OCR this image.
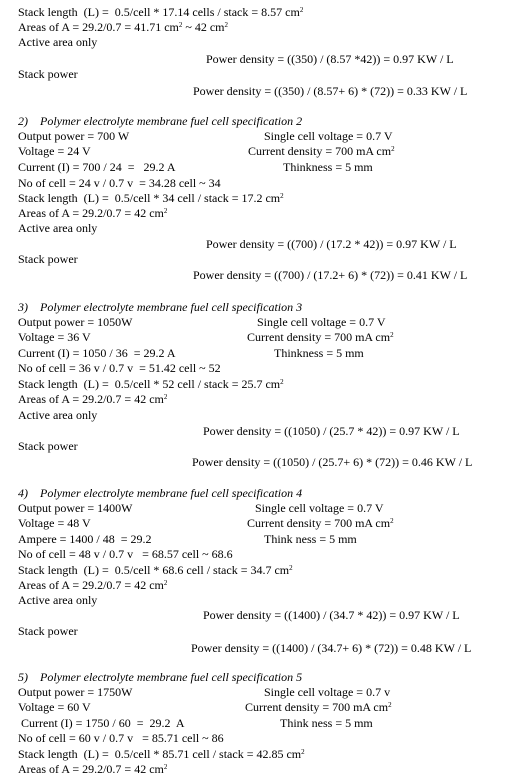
Stack length  (L) =  0.5/cell * 17.14 cells / stack = 8.57 $cm^2$
Areas of A = 29.2/0.7 = 41.71 $cm^2$ ~ 42 $cm^2$
Active area only
Power density = ((350) / (8.57 *42)) = 0.97 KW / L
Stack power
Power density = ((350) / (8.57+ 6) * (72)) = 0.33 KW / L
2)    Polymer electrolyte membrane fuel cell specification 2
Output power = 700 W	Single cell voltage = 0.7 V
Voltage = 24 V	Current density = 700 mA $cm^2$
Current (I) = 700 / 24  =   29.2 A	Thinkness = 5 mm
No of cell = 24 v / 0.7 v  = 34.28 cell ~ 34
Stack length  (L) =  0.5/cell * 34 cell / stack = 17.2 $cm^2$
Areas of A = 29.2/0.7 = 42 $cm^2$
Active area only
Power density = ((700) / (17.2 * 42)) = 0.97 KW / L
Stack power
Power density = ((700) / (17.2+ 6) * (72)) = 0.41 KW / L
3)    Polymer electrolyte membrane fuel cell specification 3
Output power = 1050W	Single cell voltage = 0.7 V
Voltage = 36 V	Current density = 700 mA $cm^2$
Current (I) = 1050 / 36  = 29.2 A	Thinkness = 5 mm
No of cell = 36 v / 0.7 v  = 51.42 cell ~ 52
Stack length  (L) =  0.5/cell * 52 cell / stack = 25.7 $cm^2$
Areas of A = 29.2/0.7 = 42 $cm^2$
Active area only
Power density = ((1050) / (25.7 * 42)) = 0.97 KW / L
Stack power
Power density = ((1050) / (25.7+ 6) * (72)) = 0.46 KW / L
4)    Polymer electrolyte membrane fuel cell specification 4
Output power = 1400W	Single cell voltage = 0.7 V
Voltage = 48 V	Current density = 700 mA $cm^2$
Ampere = 1400 / 48  = 29.2	Think ness = 5 mm
No of cell = 48 v / 0.7 v   = 68.57 cell ~ 68.6
Stack length  (L) =  0.5/cell * 68.6 cell / stack = 34.7 $cm^2$
Areas of A = 29.2/0.7 = 42 $cm^2$
Active area only
Power density = ((1400) / (34.7 * 42)) = 0.97 KW / L
Stack power
Power density = ((1400) / (34.7+ 6) * (72)) = 0.48 KW / L
5)    Polymer electrolyte membrane fuel cell specification 5
Output power = 1750W	Single cell voltage = 0.7 v
Voltage = 60 V	Current density = 700 mA $cm^2$
Current (I) = 1750 / 60  =  29.2  A	Think ness = 5 mm
No of cell = 60 v / 0.7 v   = 85.71 cell ~ 86
Stack length  (L) =  0.5/cell * 85.71 cell / stack = 42.85 $cm^2$
Areas of A = 29.2/0.7 = 42 $cm^2$
